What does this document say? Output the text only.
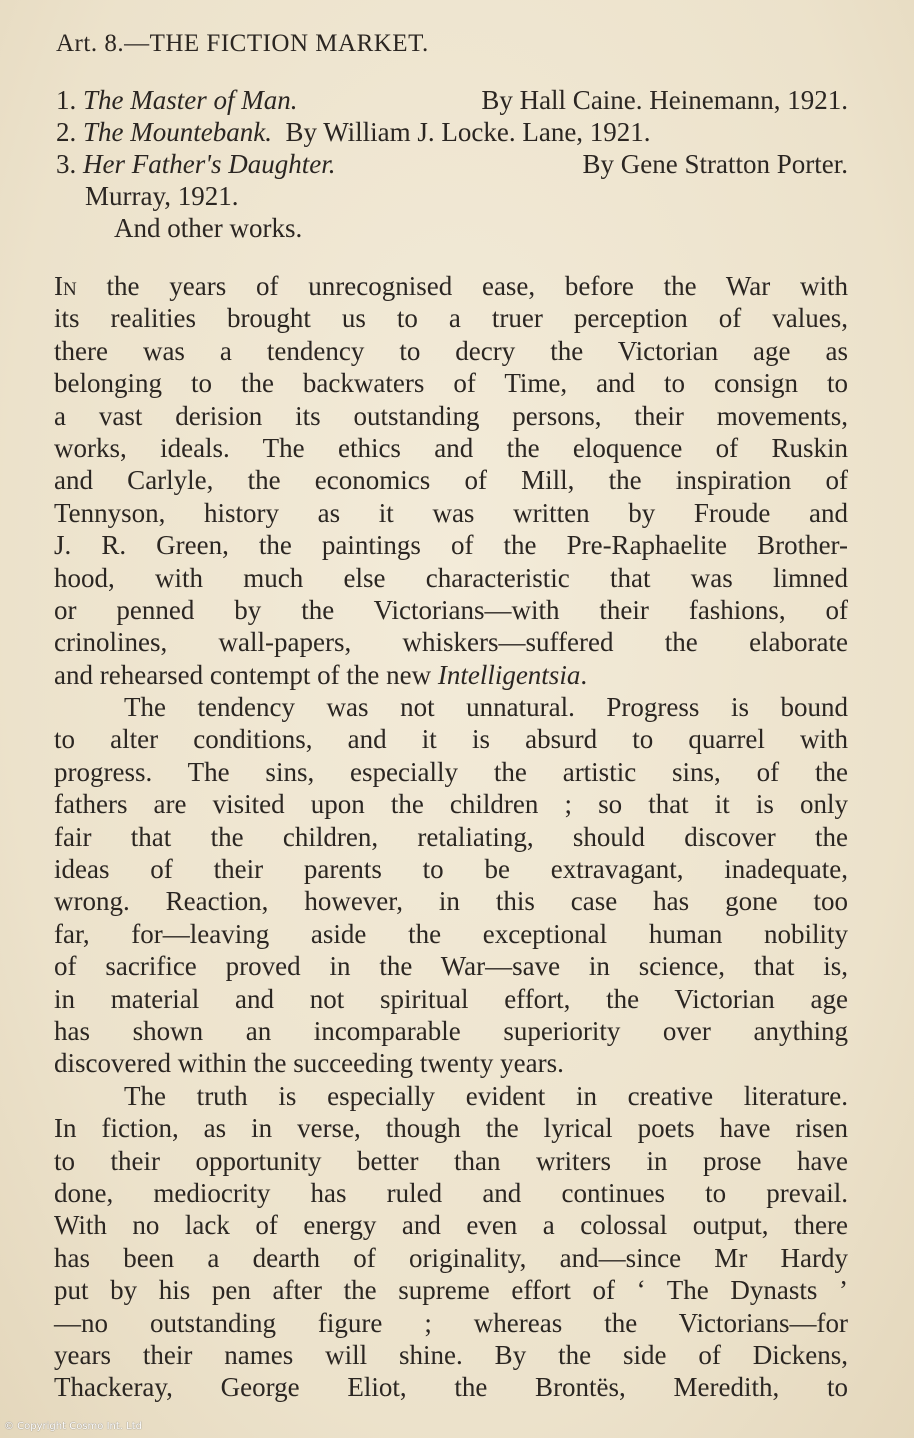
Art. 8.—THE FICTION MARKET.
1. The Master of Man.	By Hall Caine. Heinemann, 1921.
2. The Mountebank. By William J. Locke. Lane, 1921.
3. Her Father's Daughter.	By Gene Stratton Porter.
Murray, 1921.
And other works.
In the years of unrecognised ease, before the War with
its realities brought us to a truer perception of values,
there was a tendency to decry the Victorian age as
belonging to the backwaters of Time, and to consign to
a vast derision its outstanding persons, their movements,
works, ideals. The ethics and the eloquence of Ruskin
and Carlyle, the economics of Mill, the inspiration of
Tennyson, history as it was written by Froude and
J. R. Green, the paintings of the Pre-Raphaelite Brother-
hood, with much else characteristic that was limned
or penned by the Victorians—with their fashions, of
crinolines, wall-papers, whiskers—suffered the elaborate
and rehearsed contempt of the new Intelligentsia.
The tendency was not unnatural. Progress is bound
to alter conditions, and it is absurd to quarrel with
progress. The sins, especially the artistic sins, of the
fathers are visited upon the children ; so that it is only
fair that the children, retaliating, should discover the
ideas of their parents to be extravagant, inadequate,
wrong. Reaction, however, in this case has gone too
far, for—leaving aside the exceptional human nobility
of sacrifice proved in the War—save in science, that is,
in material and not spiritual effort, the Victorian age
has shown an incomparable superiority over anything
discovered within the succeeding twenty years.
The truth is especially evident in creative literature.
In fiction, as in verse, though the lyrical poets have risen
to their opportunity better than writers in prose have
done, mediocrity has ruled and continues to prevail.
With no lack of energy and even a colossal output, there
has been a dearth of originality, and—since Mr Hardy
put by his pen after the supreme effort of ‘ The Dynasts ’
—no outstanding figure ; whereas the Victorians—for
years their names will shine. By the side of Dickens,
Thackeray, George Eliot, the Brontës, Meredith, to
© Copyright Cosmo Int. Ltd
